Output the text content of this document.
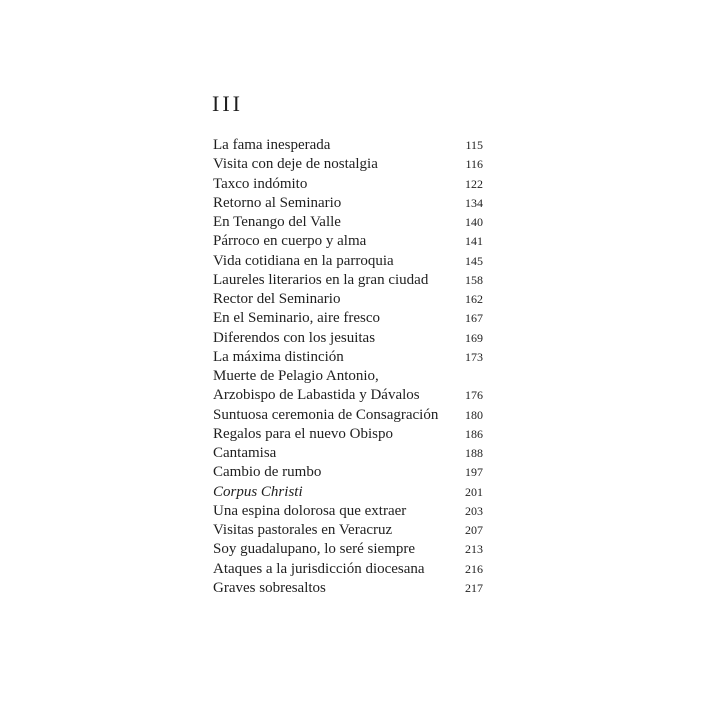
III
La fama inesperada	115
Visita con deje de nostalgia	116
Taxco indómito	122
Retorno al Seminario	134
En Tenango del Valle	140
Párroco en cuerpo y alma	141
Vida cotidiana en la parroquia	145
Laureles literarios en la gran ciudad	158
Rector del Seminario	162
En el Seminario, aire fresco	167
Diferendos con los jesuitas	169
La máxima distinción	173
Muerte de Pelagio Antonio,
Arzobispo de Labastida y Dávalos	176
Suntuosa ceremonia de Consagración 180
Regalos para el nuevo Obispo	186
Cantamisa	188
Cambio de rumbo	197
Corpus Christi	201
Una espina dolorosa que extraer	203
Visitas pastorales en Veracruz	207
Soy guadalupano, lo seré siempre	213
Ataques a la jurisdicción diocesana	216
Graves sobresaltos	217
